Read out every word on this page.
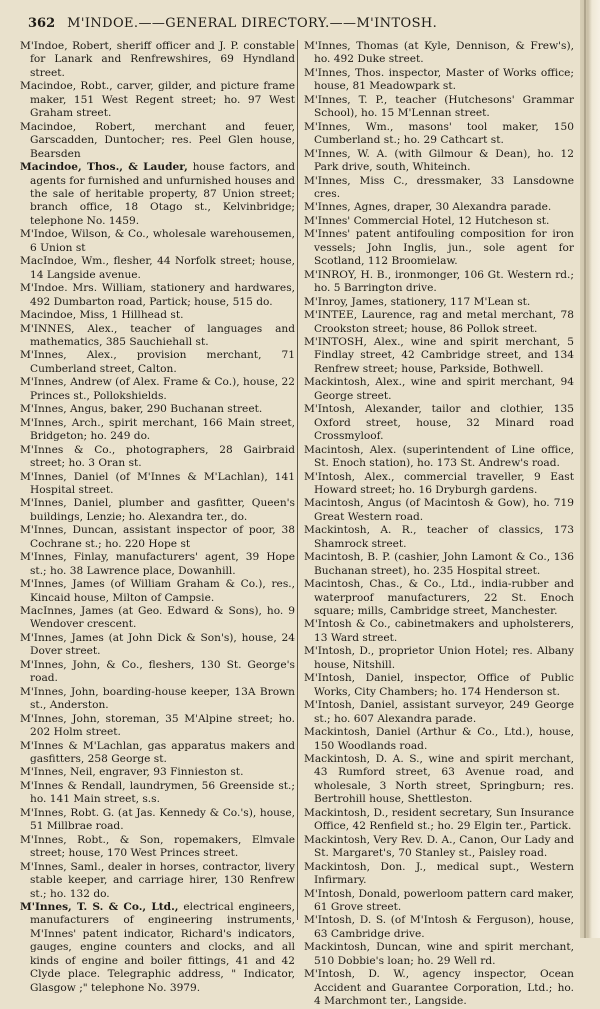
362 M'INDOE.——GENERAL DIRECTORY.——M'INTOSH.

M'Indoe, Robert, sheriff officer and J. P. constable for Lanark and Renfrewshires, 69 Hyndland street.

Macindoe, Robt., carver, gilder, and picture frame maker, 151 West Regent street; ho. 97 West Graham street.

Macindoe, Robert, merchant and feuer, Garscadden, Duntocher; res. Peel Glen house, Bearsden

Macindoe, Thos., & Lauder, house factors, and agents for furnished and unfurnished houses and the sale of heritable property, 87 Union street; branch office, 18 Otago st., Kelvinbridge; telephone No. 1459.

M'Indoe, Wilson, & Co., wholesale warehousemen, 6 Union st

MacIndoe, Wm., flesher, 44 Norfolk street; house, 14 Langside avenue.

M'Indoe. Mrs. William, stationery and hardwares, 492 Dumbarton road, Partick; house, 515 do.

Macindoe, Miss, 1 Hillhead st.

M'INNES, Alex., teacher of languages and mathematics, 385 Sauchiehall st.

M'Innes, Alex., provision merchant, 71 Cumberland street, Calton.

M'Innes, Andrew (of Alex. Frame & Co.), house, 22 Princes st., Pollokshields.

M'Innes, Angus, baker, 290 Buchanan street.

M'Innes, Arch., spirit merchant, 166 Main street, Bridgeton; ho. 249 do.

M'Innes & Co., photographers, 28 Gairbraid street; ho. 3 Oran st.

M'Innes, Daniel (of M'Innes & M'Lachlan), 141 Hospital street.

M'Innes, Daniel, plumber and gasfitter, Queen's buildings, Lenzie; ho. Alexandra ter., do.

M'Innes, Duncan, assistant inspector of poor, 38 Cochrane st.; ho. 220 Hope st

M'Innes, Finlay, manufacturers' agent, 39 Hope st.; ho. 38 Lawrence place, Dowanhill.

M'Innes, James (of William Graham & Co.), res., Kincaid house, Milton of Campsie.

MacInnes, James (at Geo. Edward & Sons), ho. 9 Wendover crescent.

M'Innes, James (at John Dick & Son's), house, 24 Dover street.

M'Innes, John, & Co., fleshers, 130 St. George's road.

M'Innes, John, boarding-house keeper, 13A Brown st., Anderston.

M'Innes, John, storeman, 35 M'Alpine street; ho. 202 Holm street.

M'Innes & M'Lachlan, gas apparatus makers and gasfitters, 258 George st.

M'Innes, Neil, engraver, 93 Finnieston st.

M'Innes & Rendall, laundrymen, 56 Greenside st.; ho. 141 Main street, s.s.

M'Innes, Robt. G. (at Jas. Kennedy & Co.'s), house, 51 Millbrae road.

M'Innes, Robt., & Son, ropemakers, Elmvale street; house, 170 West Princes street.

M'Innes, Saml., dealer in horses, contractor, livery stable keeper, and carriage hirer, 130 Renfrew st.; ho. 132 do.

M'Innes, T. S. & Co., Ltd., electrical engineers, manufacturers of engineering instruments, M'Innes' patent indicator, Richard's indicators, gauges, engine counters and clocks, and all kinds of engine and boiler fittings, 41 and 42 Clyde place. Telegraphic address, " Indicator, Glasgow ;" telephone No. 3979.

M'Innes, Thomas (at Kyle, Dennison, & Frew's), ho. 492 Duke street.

M'Innes, Thos. inspector, Master of Works office; house, 81 Meadowpark st.

M'Innes, T. P., teacher (Hutchesons' Grammar School), ho. 15 M'Lennan street.

M'Innes, Wm., masons' tool maker, 150 Cumberland st.; ho. 29 Cathcart st.

M'Innes, W. A. (with Gilmour & Dean), ho. 12 Park drive, south, Whiteinch.

M'Innes, Miss C., dressmaker, 33 Lansdowne cres.

M'Innes, Agnes, draper, 30 Alexandra parade.

M'Innes' Commercial Hotel, 12 Hutcheson st.

M'Innes' patent antifouling composition for iron vessels; John Inglis, jun., sole agent for Scotland, 112 Broomielaw.

M'INROY, H. B., ironmonger, 106 Gt. Western rd.; ho. 5 Barrington drive.

M'Inroy, James, stationery, 117 M'Lean st.

M'INTEE, Laurence, rag and metal merchant, 78 Crookston street; house, 86 Pollok street.

M'INTOSH, Alex., wine and spirit merchant, 5 Findlay street, 42 Cambridge street, and 134 Renfrew street; house, Parkside, Bothwell.

Mackintosh, Alex., wine and spirit merchant, 94 George street.

M'Intosh, Alexander, tailor and clothier, 135 Oxford street, house, 32 Minard road Crossmyloof.

Macintosh, Alex. (superintendent of Line office, St. Enoch station), ho. 173 St. Andrew's road.

M'Intosh, Alex., commercial traveller, 9 East Howard street; ho. 16 Dryburgh gardens.

Macintosh, Angus (of Macintosh & Gow), ho. 719 Great Western road.

Mackintosh, A. R., teacher of classics, 173 Shamrock street.

Macintosh, B. P. (cashier, John Lamont & Co., 136 Buchanan street), ho. 235 Hospital street.

Macintosh, Chas., & Co., Ltd., india-rubber and waterproof manufacturers, 22 St. Enoch square; mills, Cambridge street, Manchester.

M'Intosh & Co., cabinetmakers and upholsterers, 13 Ward street.

M'Intosh, D., proprietor Union Hotel; res. Albany house, Nitshill.

M'Intosh, Daniel, inspector, Office of Public Works, City Chambers; ho. 174 Henderson st.

M'Intosh, Daniel, assistant surveyor, 249 George st.; ho. 607 Alexandra parade.

Mackintosh, Daniel (Arthur & Co., Ltd.), house, 150 Woodlands road.

Mackintosh, D. A. S., wine and spirit merchant, 43 Rumford street, 63 Avenue road, and wholesale, 3 North street, Springburn; res. Bertrohill house, Shettleston.

Mackintosh, D., resident secretary, Sun Insurance Office, 42 Renfield st.; ho. 29 Elgin ter., Partick.

Mackintosh, Very Rev. D. A., Canon, Our Lady and St. Margaret's, 70 Stanley st., Paisley road.

Mackintosh, Don. J., medical supt., Western Infirmary.

M'Intosh, Donald, powerloom pattern card maker, 61 Grove street.

M'Intosh, D. S. (of M'Intosh & Ferguson), house, 63 Cambridge drive.

Mackintosh, Duncan, wine and spirit merchant, 510 Dobbie's loan; ho. 29 Well rd.

M'Intosh, D. W., agency inspector, Ocean Accident and Guarantee Corporation, Ltd.; ho. 4 Marchmont ter., Langside.
